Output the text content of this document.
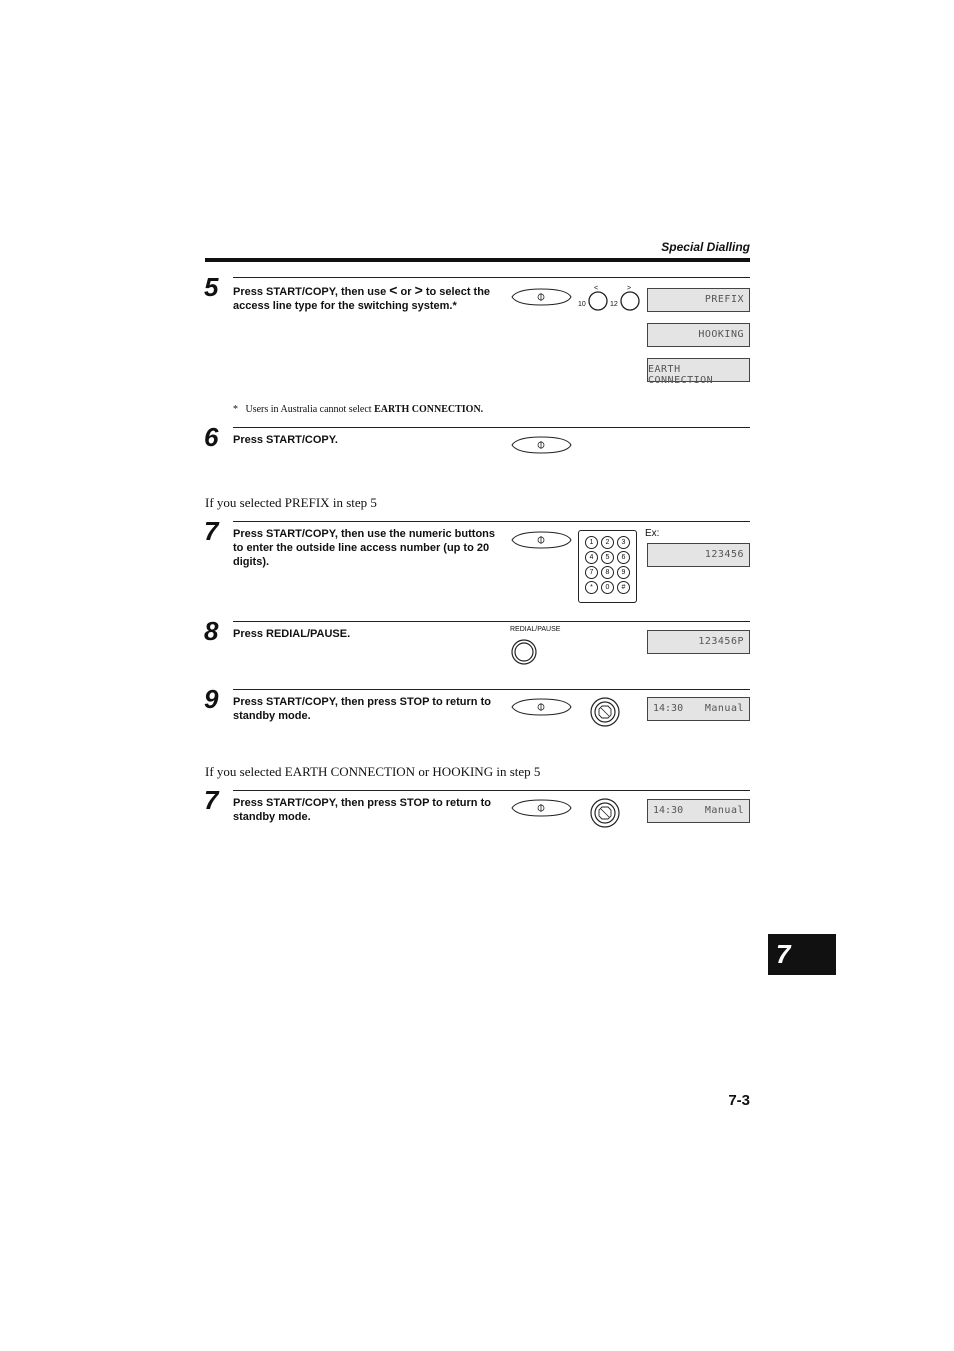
Special Dialling
5 Press START/COPY, then use < or > to select the access line type for the switching system.*	10
<
12
>
PREFIX
HOOKING
EARTH CONNECTION
* Users in Australia cannot select EARTH CONNECTION.
6 Press START/COPY.
If you selected PREFIX in step 5
7 Press START/COPY, then use the numeric buttons to enter the outside line access number (up to 20 digits).
1	2	3
4	5	6
7	8	9
*	0	#
Ex:
123456
8 Press REDIAL/PAUSE.	REDIAL/PAUSE
123456P
9 Press START/COPY, then press STOP to return to standby mode.
14:30 Manual
If you selected EARTH CONNECTION or HOOKING in step 5
7 Press START/COPY, then press STOP to return to standby mode.
14:30 Manual
7
7-3
